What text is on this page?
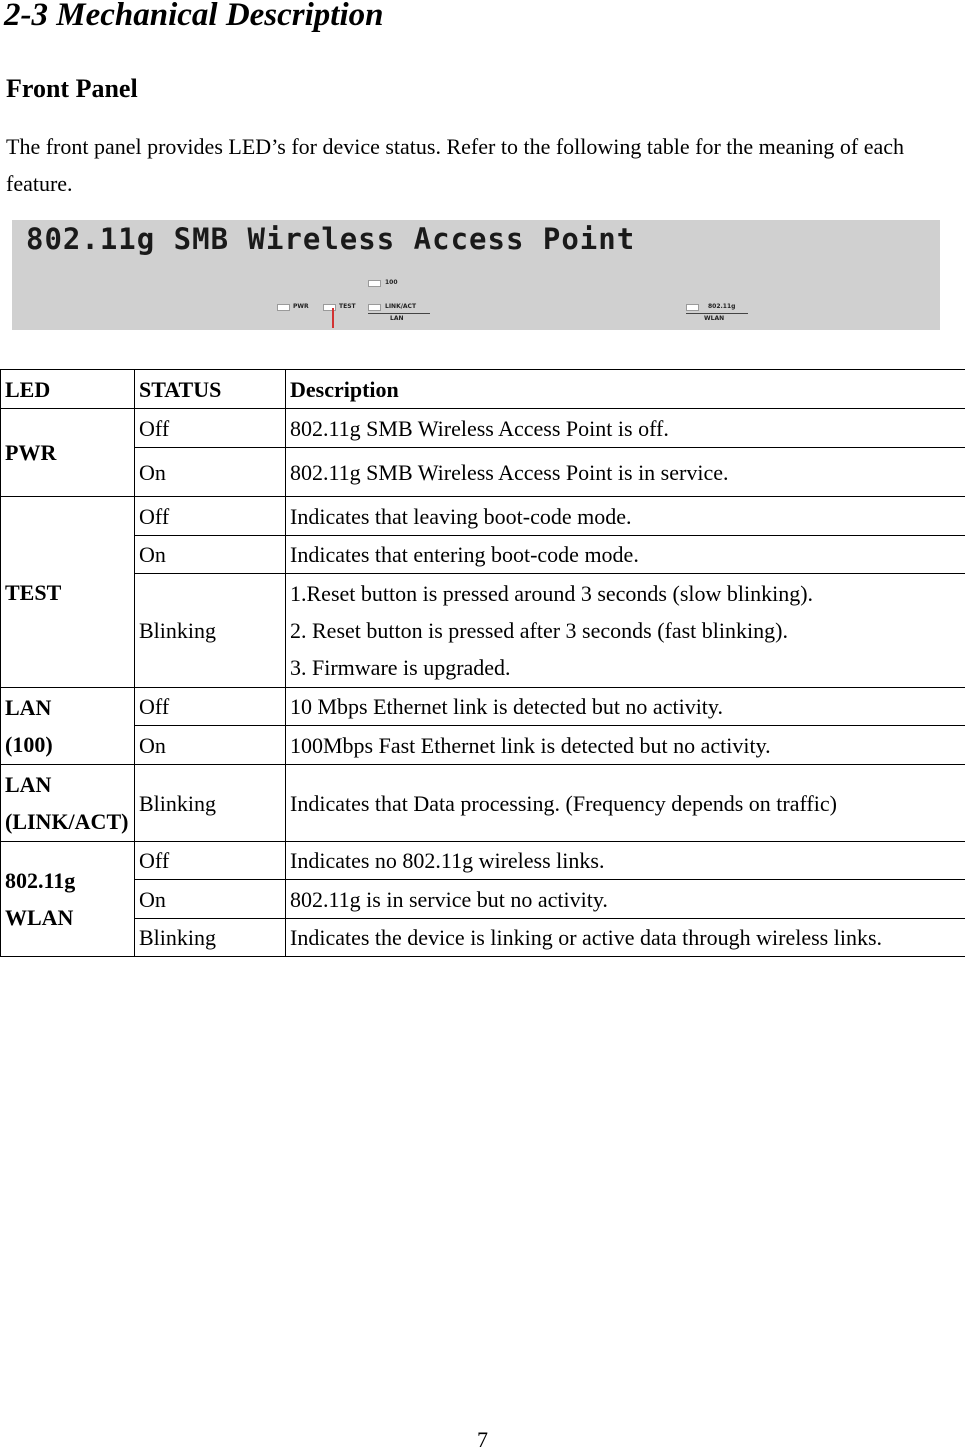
2-3 Mechanical Description
Front Panel

The front panel provides LED’s for device status. Refer to the following table for the meaning of each feature.

802.11g SMB Wireless Access Point
100
PWR	TEST	LINK/ACT
LAN
802.11g
WLAN
LED	STATUS	Description
PWR	Off	802.11g SMB Wireless Access Point is off.
	On	802.11g SMB Wireless Access Point is in service.
TEST	Off	Indicates that leaving boot-code mode.
	On	Indicates that entering boot-code mode.
	Blinking	1.Reset button is pressed around 3 seconds (slow blinking).
2. Reset button is pressed after 3 seconds (fast blinking).
3. Firmware is upgraded.

LAN
(100)	Off	10 Mbps Ethernet link is detected but no activity.
	On	100Mbps Fast Ethernet link is detected but no activity.

LAN
(LINK/ACT)	Blinking	Indicates that Data processing. (Frequency depends on traffic)

802.11g
WLAN	Off	Indicates no 802.11g wireless links.
	On	802.11g is in service but no activity.
	Blinking	Indicates the device is linking or active data through wireless links.
7
